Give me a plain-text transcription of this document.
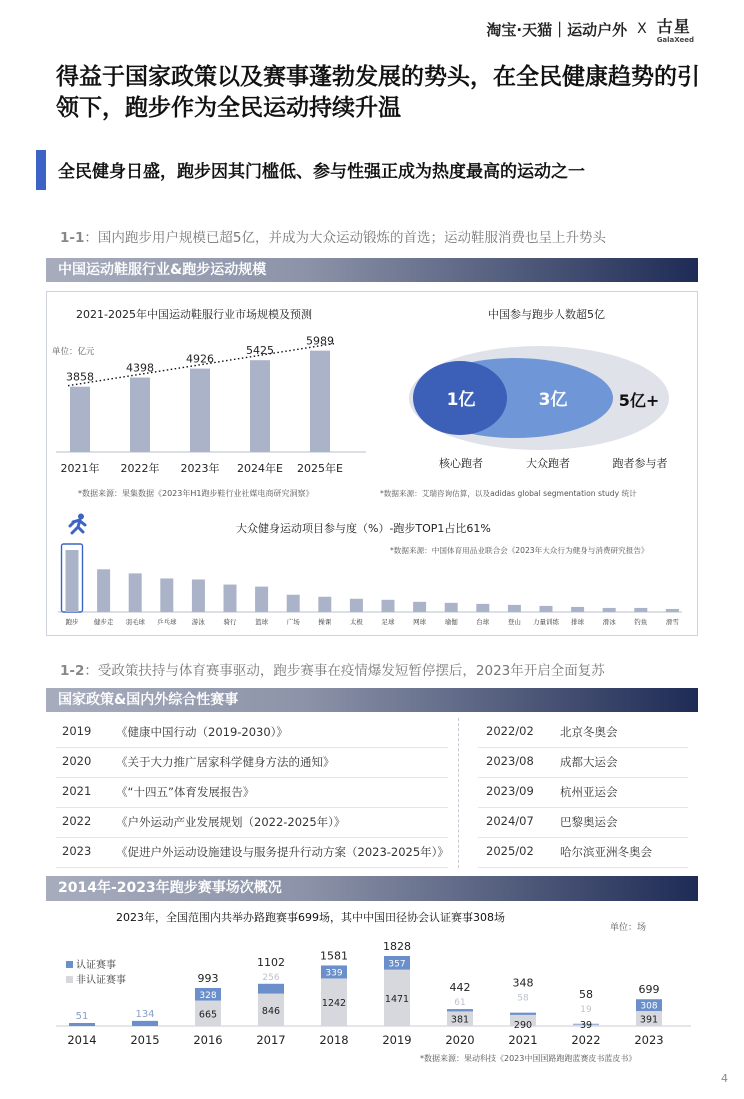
淘宝·天猫｜运动户外 X 古星
GalaXeed
得益于国家政策以及赛事蓬勃发展的势头，在全民健康趋势的引领下，跑步作为全民运动持续升温
全民健身日盛，跑步因其门槛低、参与性强正成为热度最高的运动之一
1-1：国内跑步用户规模已超5亿，并成为大众运动锻炼的首选；运动鞋服消费也呈上升势头
中国运动鞋服行业&跑步运动规模
2021-2025年中国运动鞋服行业市场规模及预测
单位：亿元
3858
2021年
4398
2022年
4926
2023年
5425
2024年E
5989
2025年E
*数据来源：果集数据《2023年H1跑步鞋行业社媒电商研究洞察》
中国参与跑步人数超5亿
1亿	3亿	5亿+
核心跑者	大众跑者	跑者参与者
*数据来源：艾瑞咨询估算，以及adidas global segmentation study 统计
大众健身运动项目参与度（%）-跑步TOP1占比61%
*数据来源：中国体育用品业联合会《2023年大众行为健身与消费研究报告》
跑步 健步走 羽毛球 乒乓球 游泳	骑行	篮球	广场	操课	太极	足球	网球	瑜伽	台球	登山 力量训练 排球	滑冰	钓鱼	滑雪
1-2：受政策扶持与体育赛事驱动，跑步赛事在疫情爆发短暂停摆后，2023年开启全面复苏
国家政策&国内外综合性赛事
2014年-2023年跑步赛事场次概况
2023年，全国范围内共举办路跑赛事699场，其中中国田径协会认证赛事308场
单位：场
认证赛事
非认证赛事
51
2014
134
2015
665
328
993
2016
846
256
1102
2017
1242
339
1581
2018
1471
357
1828
2019
381
61
442
2020
290
58
348
2021
39
19
58
2022
391
308
699
2023
*数据来源：果动科技《2023中国国路跑跑蓝赛皮书蓝皮书》
4
2019 《健康中国行动（2019-2030）》
2020 《关于大力推广居家科学健身方法的通知》
2021 《“十四五”体育发展报告》
2022 《户外运动产业发展规划（2022-2025年）》
2023 《促进户外运动设施建设与服务提升行动方案（2023-2025年）》
2022/02 北京冬奥会
2023/08 成都大运会
2023/09 杭州亚运会
2024/07 巴黎奥运会
2025/02 哈尔滨亚洲冬奥会
